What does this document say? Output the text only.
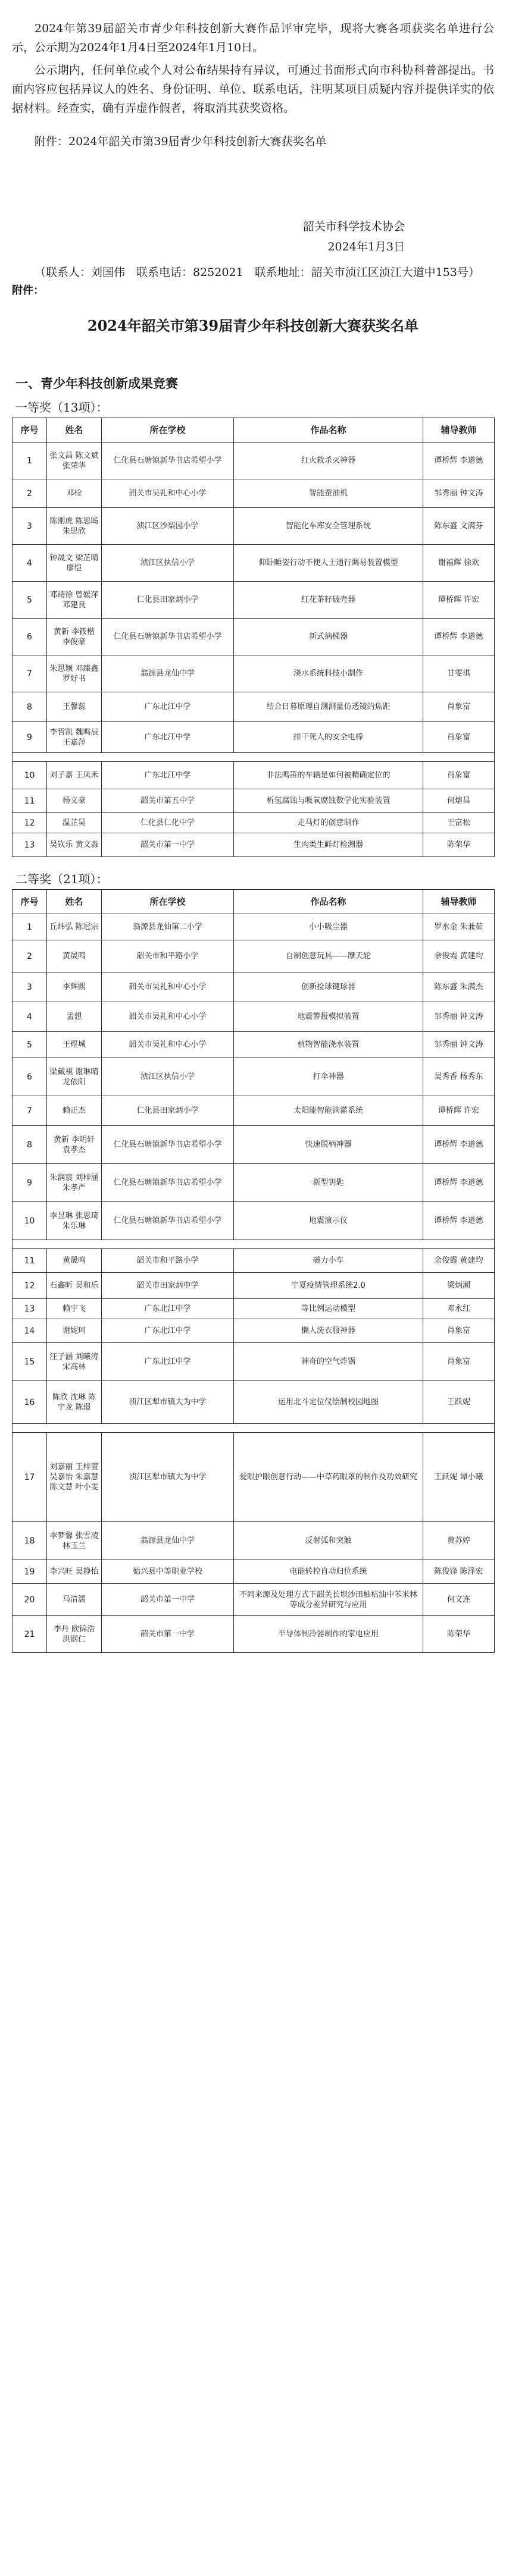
2024年第39届韶关市青少年科技创新大赛作品评审完毕，现将大赛各项获奖名单进行公示，公示期为2024年1月4日至2024年1月10日。

公示期内，任何单位或个人对公布结果持有异议，可通过书面形式向市科协科普部提出。书面内容应包括异议人的姓名、身份证明、单位、联系电话，注明某项目质疑内容并提供详实的依据材料。经查实，确有弄虚作假者，将取消其获奖资格。

附件：2024年韶关市第39届青少年科技创新大赛获奖名单
韶关市科学技术协会
2024年1月3日
（联系人：刘国伟　联系电话：8252021　联系地址：韶关市浈江区浈江大道中153号）
附件：
2024年韶关市第39届青少年科技创新大赛获奖名单
一、青少年科技创新成果竞赛
一等奖（13项）：
序号	姓名	所在学校	作品名称	辅导教师
1	张文昌 陈文斌 张荣华	仁化县石塘镇新华书店希望小学	红火救杀灭神器	谭桥辉 李道德
2	邓栓	韶关市吴礼和中心小学	智能蚕油机	邹秀丽 钟文涛
3	陈刚虎 陈思旸 朱思欣	浈江区沙梨园小学	智能化车库安全管理系统	陈东盛 文满芬
4	钟晟文 梁芷晴 廖恺	浈江区执信小学	仰卧睡姿行动不便人士通行调易装置模型	谢福辉 徐欢
5	邓靖徐 曾媛萍 邓建良	仁化县田家炳小学	红花茶籽破壳器	谭桥辉 许宏
6	黄新 李筱楷 李俊豪	仁化县石塘镇新华书店希望小学	新式摘梯器	谭桥辉 李道德
7	朱思颖 邓臻鑫 罗好书	翁源县龙仙中学	浇水系统科技小制作	甘雯琪
8	王馨蕊	广东北江中学	结合日暮原理自测测量仿透镜的焦距	肖象富
9	李哲凯 魏鸣辰 王嘉萍	广东北江中学	排干死人的安全电棒	肖象富

10	刘子嘉 王凤禾	广东北江中学	非法鸣笛的车辆是如何被精确定位的	肖象富
11	杨义豪	韶关市第五中学	析氢腐蚀与吸氧腐蚀数学化实验装置	何熔昌
12	温芷昊	仁化县仁化中学	走马灯的创意制作	王富松
13	吴钦乐 黄文淼	韶关市第一中学	生肉类生鲜灯检测器	陈荣华
二等奖（21项）：
序号	姓名	所在学校	作品名称	辅导教师
1	丘炜弘 陈冠宗	翁源县龙仙第二小学	小小吸尘器	罗水金 朱兼茹
2	黄晟鸣	韶关市和平路小学	自制创意玩具——摩天轮	余俊霞 黄建均
3	李辉熙	韶关市吴礼和中心小学	创新捡球键球器	陈东盛 朱满杰
4	孟想	韶关市吴礼和中心小学	地震警报模拟装置	邹秀丽 钟文涛
5	王煜城	韶关市吴礼和中心小学	植物智能浇水装置	邹秀丽 钟文涛
6	梁戴祺 谢琳晴 龙依阳	浈江区执信小学	打伞神器	吴秀香 杨秀东
7	赖正杰	仁化县田家炳小学	太阳能智能滴灌系统	谭桥辉 许宏
8	黄新 李明轩 袁孝杰	仁化县石塘镇新华书店希望小学	快速脱柄神器	谭桥辉 李道德
9	朱润宸 刘梓涵 朱孝严	仁化县石塘镇新华书店希望小学	新型钥匙	谭桥辉 李道德
10	李昱琳 张思琦 朱乐琳	仁化县石塘镇新华书店希望小学	地震演示仪	谭桥辉 李道德

11	黄晟鸣	韶关市和平路小学	磁力小车	余俊霞 黄建均
12	石鑫昕 吴和乐	韶关市田家炳中学	宇夏疫情管理系统2.0	梁炳潮
13	赖宇飞	广东北江中学	等比例运动模型	邓永红
14	谢妮珂	广东北江中学	懒人洗衣服神器	肖象富
15	汪子涵 刘曦涛 宋高林	广东北江中学	神奇的空气炸锅	肖象富
16	陈欣 沈琳 陈宇龙 陈璟	浈江区犁市镇大为中学	运用北斗定位仪绘制校园地图	王跃妮

17	刘嘉丽 王梓萱 吴嘉怡 朱嘉慧 陈文慧 叶小雯	浈江区犁市镇大为中学	爱眼护眼创意行动——中草药眼罩的制作及功效研究	王跃妮 谭小曦
18	李梦馨 张雪凌 林玉兰	翁源县龙仙中学	反射弧和突触	黄苏婷
19	李兴旺 吴静怡	始兴县中等职业学校	电能转控自动归位系统	陈俊锋 陈泽宏
20	马清濡	韶关市第一中学	不同来源及处理方式下韶关长坝沙田柚桔油中苯米林等成分差异研究与应用	何文连
21	李丹 欧锦浩 洪钢仁	韶关市第一中学	半导体制冷器制作的家电应用	陈荣华
